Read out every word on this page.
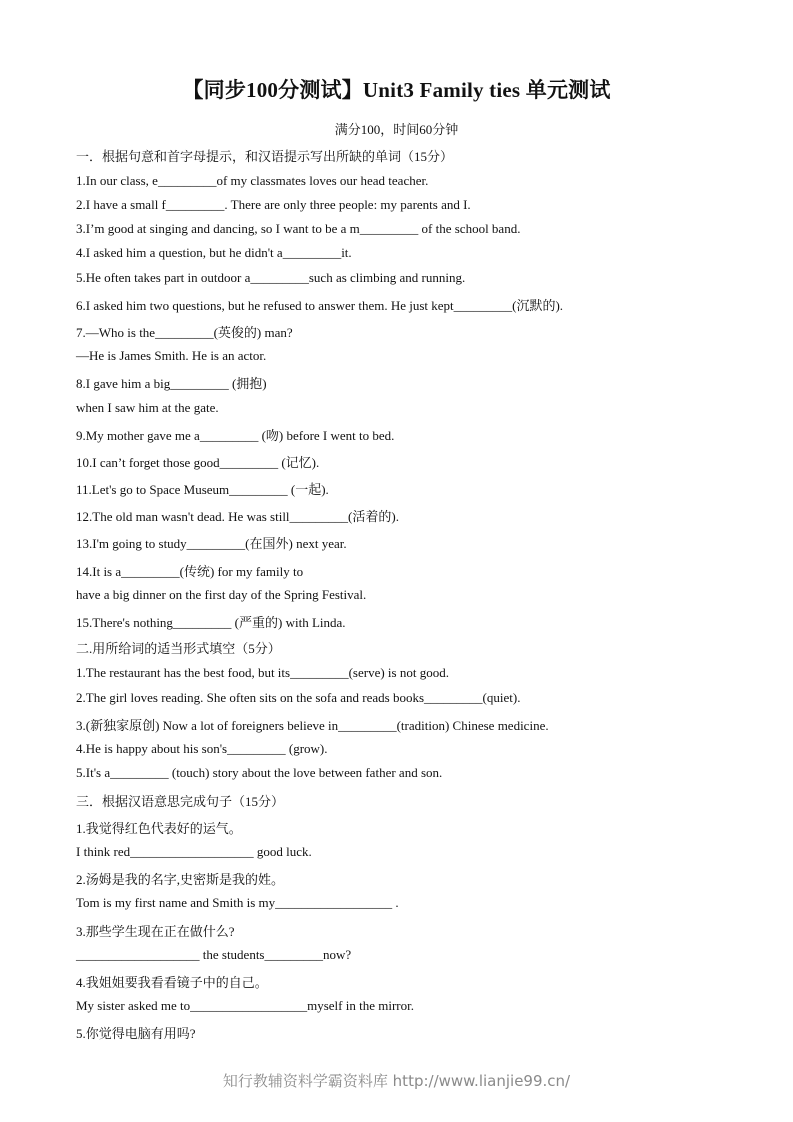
【同步100分测试】Unit3 Family ties 单元测试
满分100，时间60分钟
一．根据句意和首字母提示，和汉语提示写出所缺的单词（15分）
1.In our class, e_________of my classmates loves our head teacher.
2.I have a small f_________. There are only three people: my parents and I.
3.I’m good at singing and dancing, so I want to be a m_________ of the school band.
4.I asked him a question, but he didn't a_________it.
5.He often takes part in outdoor a_________such as climbing and running.
6.I asked him two questions, but he refused to answer them. He just kept_________(沉默的).
7.—Who is the_________(英俊的) man?
—He is James Smith. He is an actor.
8.I gave him a big_________ (拥抱)
when I saw him at the gate.
9.My mother gave me a_________ (吻) before I went to bed.
10.I can’t forget those good_________ (记忆).
11.Let's go to Space Museum_________ (一起).
12.The old man wasn't dead. He was still_________(活着的).
13.I'm going to study_________(在国外) next year.
14.It is a_________(传统) for my family to
have a big dinner on the first day of the Spring Festival.
15.There's nothing_________ (严重的) with Linda.
二.用所给词的适当形式填空（5分）
1.The restaurant has the best food, but its_________(serve) is not good.
2.The girl loves reading. She often sits on the sofa and reads books_________(quiet).
3.(新独家原创) Now a lot of foreigners believe in_________(tradition) Chinese medicine.
4.He is happy about his son's_________ (grow).
5.It's a_________ (touch) story about the love between father and son.
三．根据汉语意思完成句子（15分）
1.我觉得红色代表好的运气。
I think red___________________ good luck.
2.汤姆是我的名字,史密斯是我的姓。
Tom is my first name and Smith is my__________________ .
3.那些学生现在正在做什么?
___________________ the students_________now?
4.我姐姐要我看看镜子中的自己。
My sister asked me to__________________myself in the mirror.
5.你觉得电脑有用吗?
知行教辅资料学霸资料库 http://www.lianjie99.cn/
